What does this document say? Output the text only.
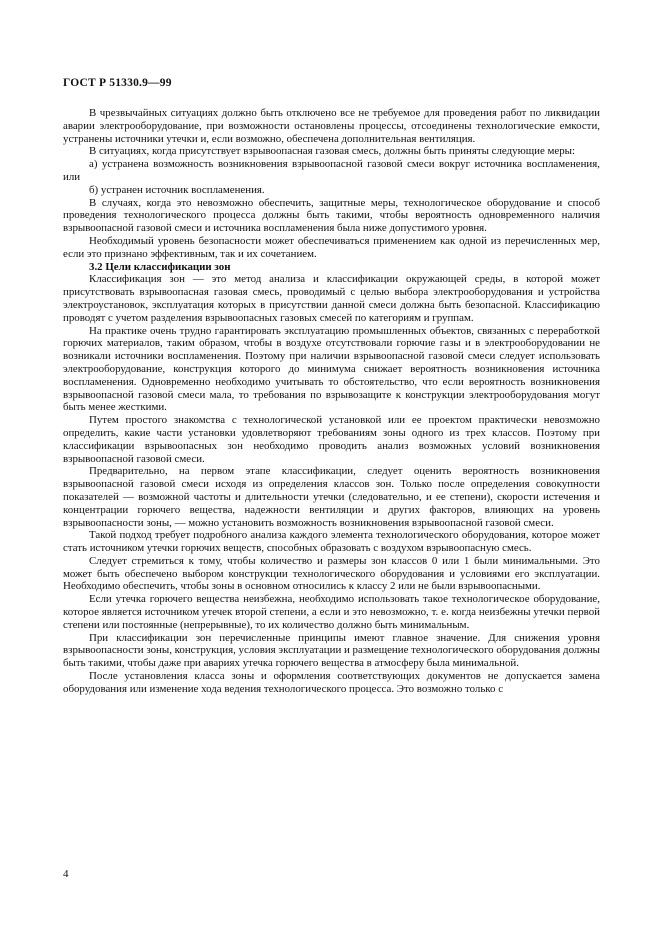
ГОСТ Р 51330.9—99

В чрезвычайных ситуациях должно быть отключено все не требуемое для проведения работ по ликвидации аварии электрооборудование, при возможности остановлены процессы, отсоединены технологические емкости, устранены источники утечки и, если возможно, обеспечена дополнительная вентиляция.

В ситуациях, когда присутствует взрывоопасная газовая смесь, должны быть приняты следующие меры:

а) устранена возможность возникновения взрывоопасной газовой смеси вокруг источника воспламенения, или

б) устранен источник воспламенения.

В случаях, когда это невозможно обеспечить, защитные меры, технологическое оборудование и способ проведения технологического процесса должны быть такими, чтобы вероятность одновременного наличия взрывоопасной газовой смеси и источника воспламенения была ниже допустимого уровня.

Необходимый уровень безопасности может обеспечиваться применением как одной из перечисленных мер, если это признано эффективным, так и их сочетанием.

3.2 Цели классификации зон

Классификация зон — это метод анализа и классификации окружающей среды, в которой может присутствовать взрывоопасная газовая смесь, проводимый с целью выбора электрооборудования и устройства электроустановок, эксплуатация которых в присутствии данной смеси должна быть безопасной. Классификацию проводят с учетом разделения взрывоопасных газовых смесей по категориям и группам.

На практике очень трудно гарантировать эксплуатацию промышленных объектов, связанных с переработкой горючих материалов, таким образом, чтобы в воздухе отсутствовали горючие газы и в электрооборудовании не возникали источники воспламенения. Поэтому при наличии взрывоопасной газовой смеси следует использовать электрооборудование, конструкция которого до минимума снижает вероятность возникновения источника воспламенения. Одновременно необходимо учитывать то обстоятельство, что если вероятность возникновения взрывоопасной газовой смеси мала, то требования по взрывозащите к конструкции электрооборудования могут быть менее жесткими.

Путем простого знакомства с технологической установкой или ее проектом практически невозможно определить, какие части установки удовлетворяют требованиям зоны одного из трех классов. Поэтому при классификации взрывоопасных зон необходимо проводить анализ возможных условий возникновения взрывоопасной газовой смеси.

Предварительно, на первом этапе классификации, следует оценить вероятность возникновения взрывоопасной газовой смеси исходя из определения классов зон. Только после определения совокупности показателей — возможной частоты и длительности утечки (следовательно, и ее степени), скорости истечения и концентрации горючего вещества, надежности вентиляции и других факторов, влияющих на уровень взрывоопасности зоны, — можно установить возможность возникновения взрывоопасной газовой смеси.

Такой подход требует подробного анализа каждого элемента технологического оборудования, которое может стать источником утечки горючих веществ, способных образовать с воздухом взрывоопасную смесь.

Следует стремиться к тому, чтобы количество и размеры зон классов 0 или 1 были минимальными. Это может быть обеспечено выбором конструкции технологического оборудования и условиями его эксплуатации. Необходимо обеспечить, чтобы зоны в основном относились к классу 2 или не были взрывоопасными.

Если утечка горючего вещества неизбежна, необходимо использовать такое технологическое оборудование, которое является источником утечек второй степени, а если и это невозможно, т. е. когда неизбежны утечки первой степени или постоянные (непрерывные), то их количество должно быть минимальным.

При классификации зон перечисленные принципы имеют главное значение. Для снижения уровня взрывоопасности зоны, конструкция, условия эксплуатации и размещение технологического оборудования должны быть такими, чтобы даже при авариях утечка горючего вещества в атмосферу была минимальной.

После установления класса зоны и оформления соответствующих документов не допускается замена оборудования или изменение хода ведения технологического процесса. Это возможно только с

4
